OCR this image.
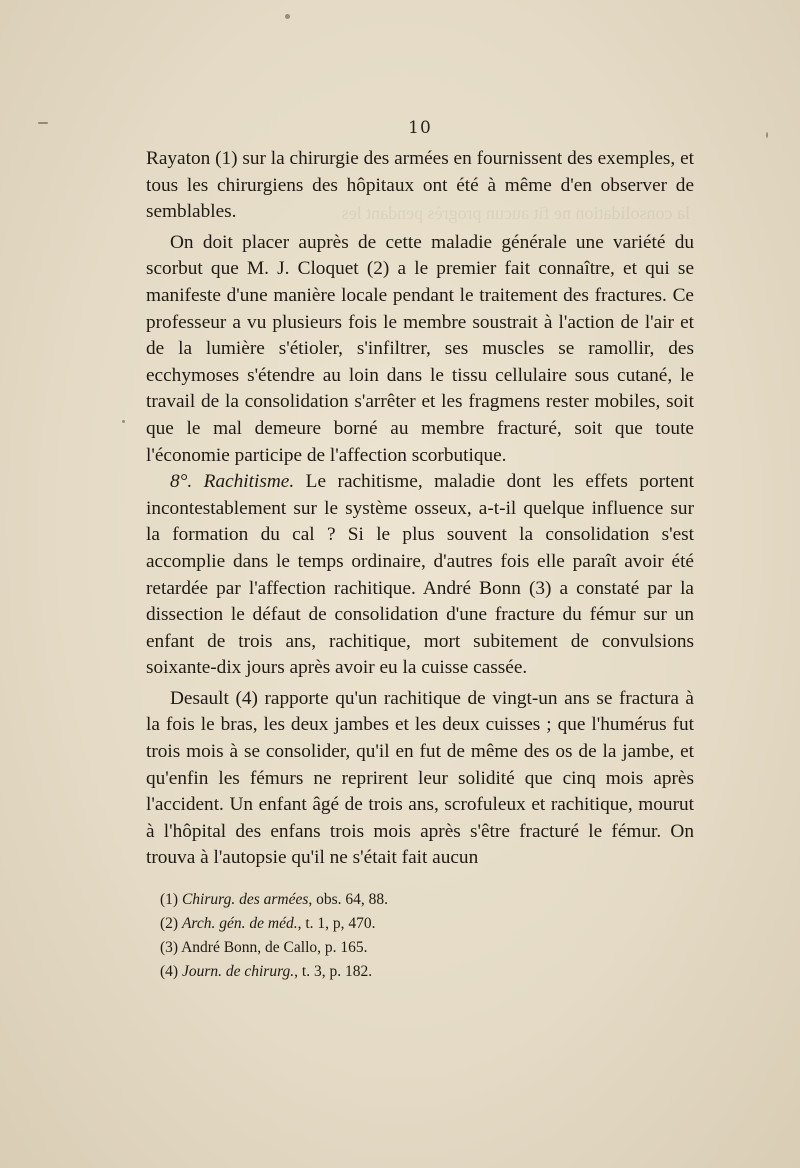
la consolidation ne fit aucun progrès pendant les

10

Rayaton (1) sur la chirurgie des armées en fournissent des exemples, et tous les chirurgiens des hôpitaux ont été à même d'en observer de semblables.

On doit placer auprès de cette maladie générale une variété du scorbut que M. J. Cloquet (2) a le premier fait connaître, et qui se manifeste d'une manière locale pendant le traitement des fractures. Ce professeur a vu plusieurs fois le membre soustrait à l'action de l'air et de la lumière s'étioler, s'infiltrer, ses muscles se ramollir, des ecchymoses s'étendre au loin dans le tissu cellulaire sous cutané, le travail de la consolidation s'arrêter et les fragmens rester mobiles, soit que le mal demeure borné au membre fracturé, soit que toute l'économie participe de l'affection scorbutique.

8°. Rachitisme. Le rachitisme, maladie dont les effets portent incontestablement sur le système osseux, a-t-il quelque influence sur la formation du cal ? Si le plus souvent la consolidation s'est accomplie dans le temps ordinaire, d'autres fois elle paraît avoir été retardée par l'affection rachitique. André Bonn (3) a constaté par la dissection le défaut de consolidation d'une fracture du fémur sur un enfant de trois ans, rachitique, mort subitement de convulsions soixante-dix jours après avoir eu la cuisse cassée.

Desault (4) rapporte qu'un rachitique de vingt-un ans se fractura à la fois le bras, les deux jambes et les deux cuisses ; que l'humérus fut trois mois à se consolider, qu'il en fut de même des os de la jambe, et qu'enfin les fémurs ne reprirent leur solidité que cinq mois après l'accident. Un enfant âgé de trois ans, scrofuleux et rachitique, mourut à l'hôpital des enfans trois mois après s'être fracturé le fémur. On trouva à l'autopsie qu'il ne s'était fait aucun

(1) Chirurg. des armées, obs. 64, 88.
(2) Arch. gén. de méd., t. 1, p, 470.
(3) André Bonn, de Callo, p. 165.
(4) Journ. de chirurg., t. 3, p. 182.
